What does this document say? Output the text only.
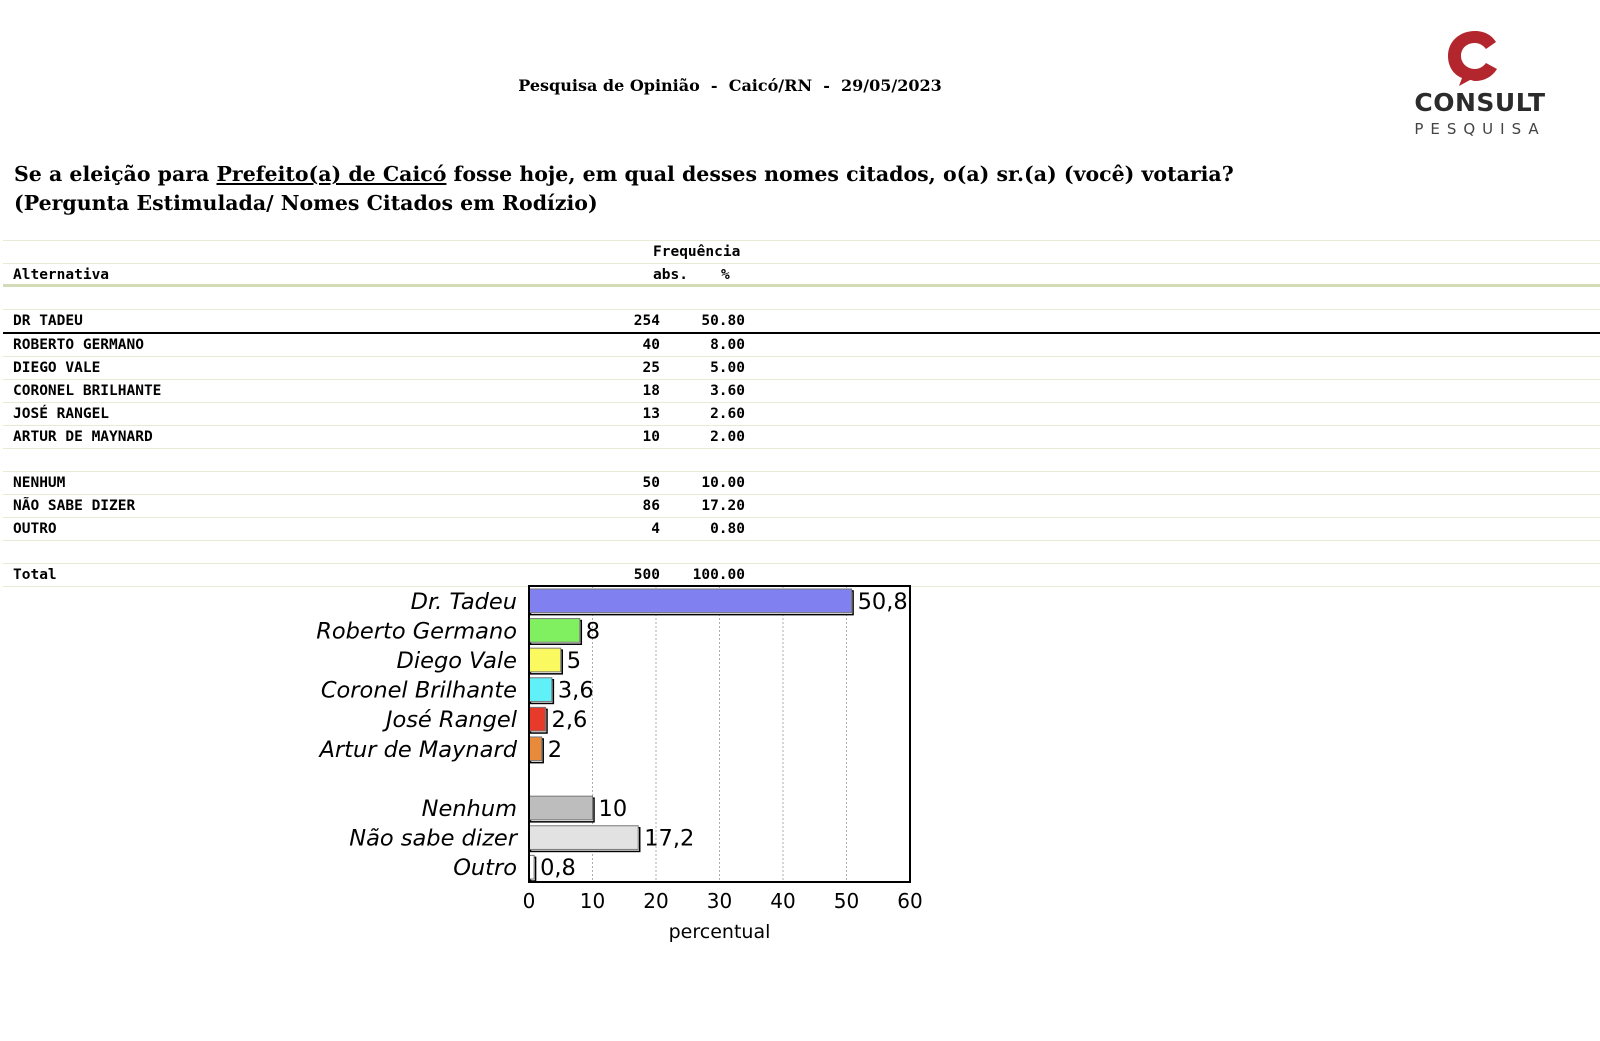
Pesquisa de Opinião - Caicó/RN - 29/05/2023
CONSULT
PESQUISA
Se a eleição para Prefeito(a) de Caicó fosse hoje, em qual desses nomes citados, o(a) sr.(a) (você) votaria?
(Pergunta Estimulada/ Nomes Citados em Rodízio)
Frequência
Alternativa	abs. %
DR TADEU	254	50.80
ROBERTO GERMANO	40	8.00
DIEGO VALE	25	5.00
CORONEL BRILHANTE	18	3.60
JOSÉ RANGEL	13	2.60
ARTUR DE MAYNARD	10	2.00
NENHUM	50	10.00
NÃO SABE DIZER	86	17.20
OUTRO	4	0.80
Total	500 100.00
Dr. Tadeu	50,8
Roberto Germano	8
Diego Vale 5
Coronel Brilhante 3,6
José Rangel 2,6
Artur de Maynard 2
Nenhum	10
Não sabe dizer	17,2
Outro 0,8
0 10 20 30 40 50 60
percentual
